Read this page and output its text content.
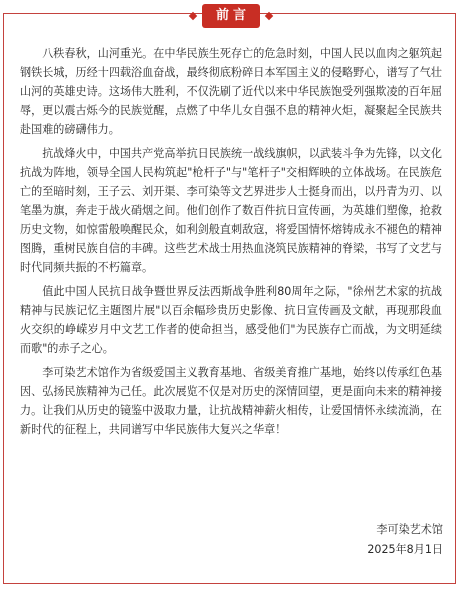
前言

八秩春秋，山河重光。在中华民族生死存亡的危急时刻，中国人民以血肉之躯筑起钢铁长城，历经十四载浴血奋战，最终彻底粉碎日本军国主义的侵略野心，谱写了气壮山河的英雄史诗。这场伟大胜利，不仅洗刷了近代以来中华民族饱受列强欺凌的百年屈辱，更以震古烁今的民族觉醒，点燃了中华儿女自强不息的精神火炬，凝聚起全民族共赴国难的磅礴伟力。

抗战烽火中，中国共产党高举抗日民族统一战线旗帜，以武装斗争为先锋，以文化抗战为阵地，领导全国人民构筑起"枪杆子"与"笔杆子"交相辉映的立体战场。在民族危亡的至暗时刻，王子云、刘开渠、李可染等文艺界进步人士挺身而出，以丹青为刃、以笔墨为旗，奔走于战火硝烟之间。他们创作了数百件抗日宣传画，为英雄们塑像，抢救历史文物，如惊雷般唤醒民众，如利剑般直刺敌寇，将爱国情怀熔铸成永不褪色的精神图腾，重树民族自信的丰碑。这些艺术战士用热血浇筑民族精神的脊梁，书写了文艺与时代同频共振的不朽篇章。

值此中国人民抗日战争暨世界反法西斯战争胜利80周年之际，"徐州艺术家的抗战精神与民族记忆主题图片展"以百余幅珍贵历史影像、抗日宣传画及文献，再现那段血火交织的峥嵘岁月中文艺工作者的使命担当，感受他们"为民族存亡而战，为文明延续而歌"的赤子之心。

李可染艺术馆作为省级爱国主义教育基地、省级美育推广基地，始终以传承红色基因、弘扬民族精神为己任。此次展览不仅是对历史的深情回望，更是面向未来的精神接力。让我们从历史的镜鉴中汲取力量，让抗战精神薪火相传，让爱国情怀永续流淌，在新时代的征程上，共同谱写中华民族伟大复兴之华章！

李可染艺术馆
2025年8月1日
